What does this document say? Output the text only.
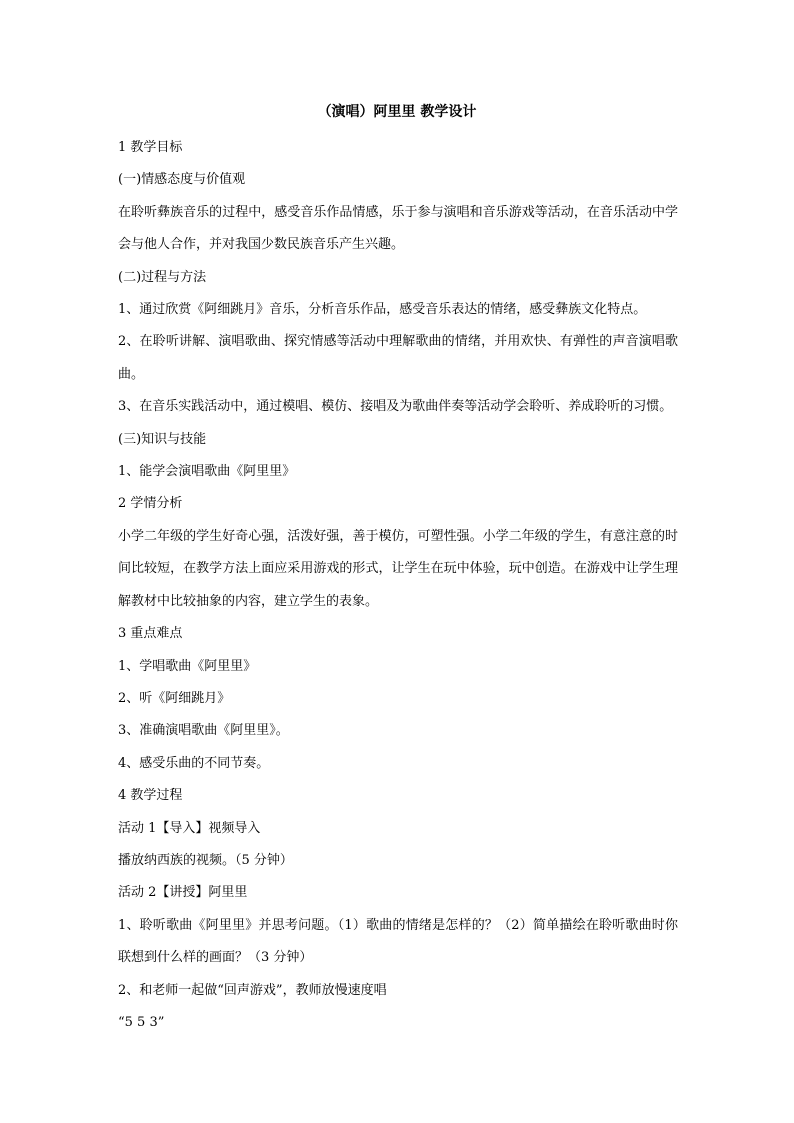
（演唱）阿里里 教学设计

1 教学目标

(一)情感态度与价值观

在聆听彝族音乐的过程中，感受音乐作品情感，乐于参与演唱和音乐游戏等活动，在音乐活动中学会与他人合作，并对我国少数民族音乐产生兴趣。

(二)过程与方法

1、通过欣赏《阿细跳月》音乐，分析音乐作品，感受音乐表达的情绪，感受彝族文化特点。

2、在聆听讲解、演唱歌曲、探究情感等活动中理解歌曲的情绪，并用欢快、有弹性的声音演唱歌曲。

3、在音乐实践活动中，通过模唱、模仿、接唱及为歌曲伴奏等活动学会聆听、养成聆听的习惯。

(三)知识与技能

1、能学会演唱歌曲《阿里里》

2 学情分析

小学二年级的学生好奇心强，活泼好强，善于模仿，可塑性强。小学二年级的学生，有意注意的时间比较短，在教学方法上面应采用游戏的形式，让学生在玩中体验，玩中创造。在游戏中让学生理解教材中比较抽象的内容，建立学生的表象。

3 重点难点

1、学唱歌曲《阿里里》

2、听《阿细跳月》

3、准确演唱歌曲《阿里里》。

4、感受乐曲的不同节奏。

4 教学过程

活动 1【导入】视频导入

播放纳西族的视频。（5 分钟）

活动 2【讲授】阿里里

1、聆听歌曲《阿里里》并思考问题。（1）歌曲的情绪是怎样的？（2）简单描绘在聆听歌曲时你联想到什么样的画面？（3 分钟）

2、和老师一起做“回声游戏”，教师放慢速度唱

“5 5 3”
